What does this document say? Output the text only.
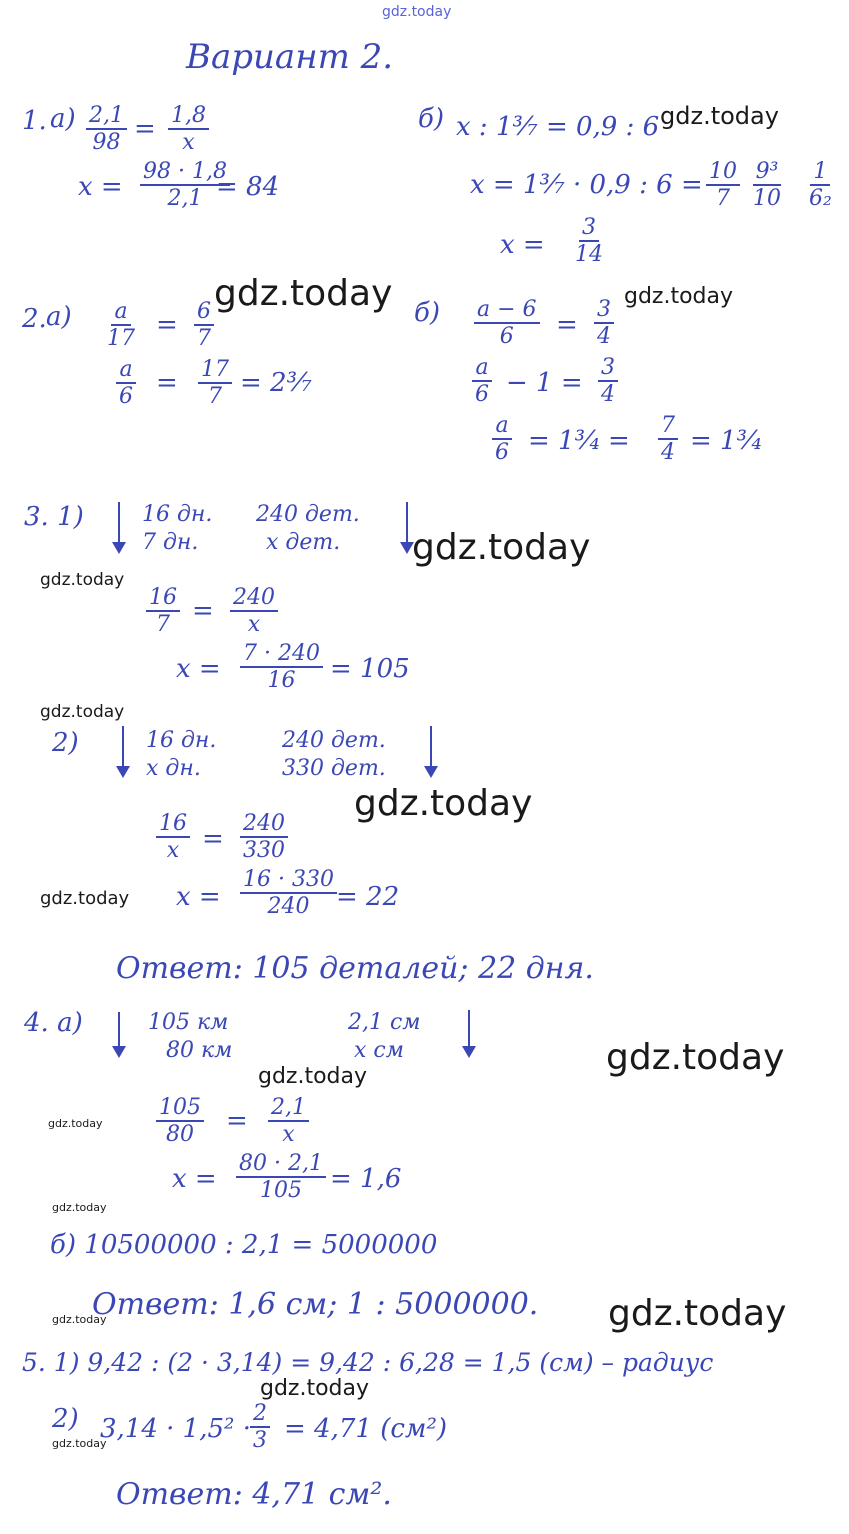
gdz.today
gdz.today
gdz.today	gdz.today
gdz.today
gdz.today
gdz.today
gdz.today
gdz.today
gdz.today
gdz.today
gdz.today
gdz.today
gdz.today	gdz.today
gdz.today
gdz.today
Вариант 2.
1. $а) \frac{2,1}{98} = \frac{1,8}{x}$
$x = \frac{98 \cdot 1,8}{2,1}$
= 84
б) x : 1³⁄₇ = 0,9 : 6
x = 1³⁄₇ · 0,9 : $6 = \frac{10}{7} \frac{\text{9³}}{10} \frac{1}{\text{6₂}}$
$x = \frac{3}{14}$
2. $а) \frac{a}{17} = \frac{6}{7}$
$\frac{a}{6} = \frac{17}{7}$ = 2³⁄₇
$б) \frac{a - 6}{6} = \frac{3}{4}$
$\frac{a}{6} - 1 = \frac{3}{4}$
$\frac{a}{6}$ = 1³⁄₄ = $\frac{7}{4}$ = 1³⁄₄
3. 1)	16 дн. 240 дет.
7 дн.	x дет.
$\frac{16}{7} = \frac{240}{x}$
$x = \frac{7 \cdot 240}{16} = 105$
2)	16 дн.	240 дет.
x дн.	330 дет.
$\frac{16}{x} = \frac{240}{330}$
$x = \frac{16 \cdot 330}{240} = 22$
Ответ: 105 деталей; 22 дня.
4. а)	105 км	2,1 см
80 км	x см
$\frac{105}{80} = \frac{2,1}{x}$
$x = \frac{80 \cdot 2,1}{105} = 1,6$
б) 10500000 : 2,1 = 5000000
Ответ: 1,6 см; 1 : 5000000.
5. 1) 9,42 : (2 · 3,14) = 9,42 : 6,28 = 1,5 (см) – радиус
2) $3,14 \cdot 1,5^2 \cdot \frac{2}{3} = 4,71$ (см²)
Ответ: 4,71 см².
